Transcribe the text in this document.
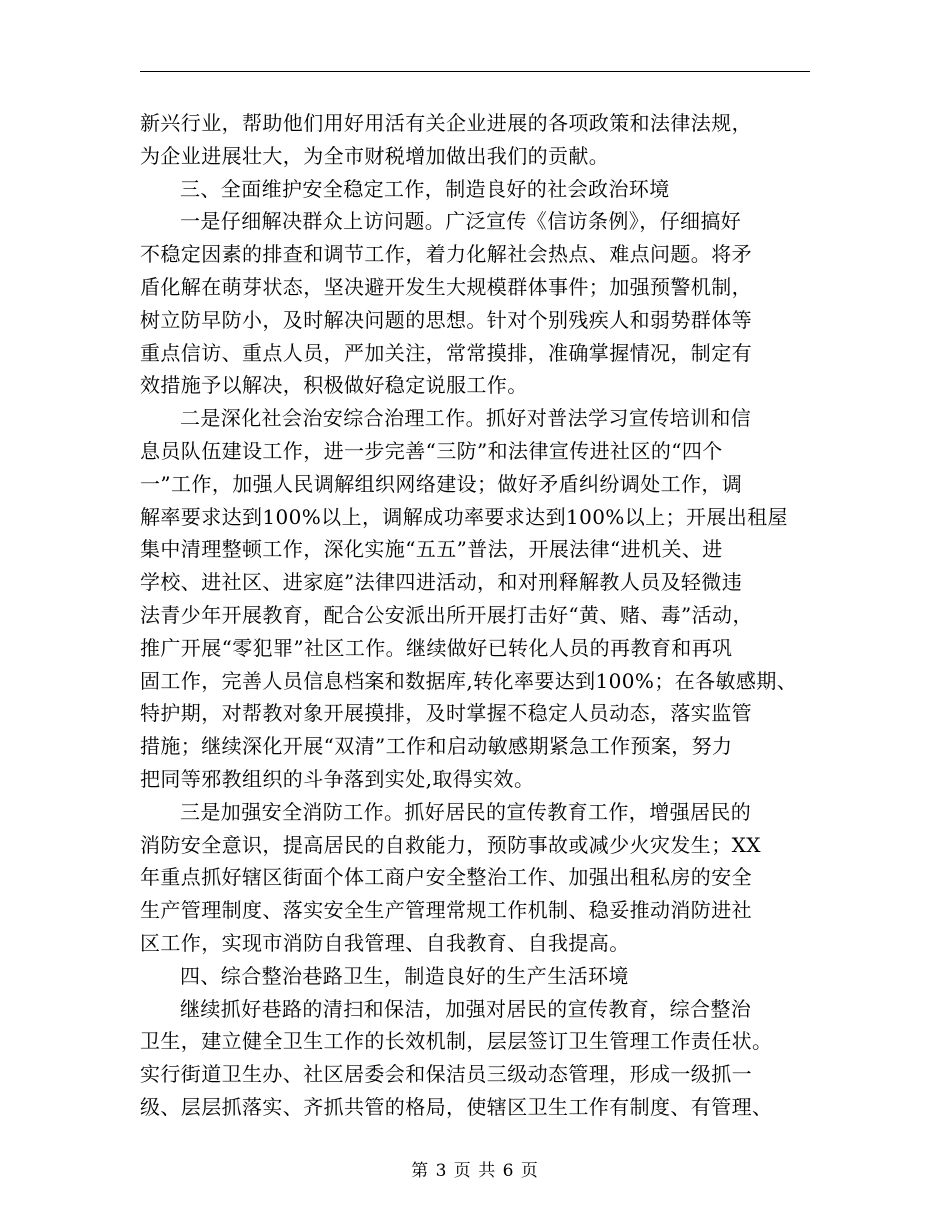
新兴行业，帮助他们用好用活有关企业进展的各项政策和法律法规，
为企业进展壮大，为全市财税增加做出我们的贡献。
三、全面维护安全稳定工作，制造良好的社会政治环境
一是仔细解决群众上访问题。广泛宣传《信访条例》，仔细搞好
不稳定因素的排查和调节工作，着力化解社会热点、难点问题。将矛
盾化解在萌芽状态，坚决避开发生大规模群体事件；加强预警机制，
树立防早防小，及时解决问题的思想。针对个别残疾人和弱势群体等
重点信访、重点人员，严加关注，常常摸排，准确掌握情况，制定有
效措施予以解决，积极做好稳定说服工作。
二是深化社会治安综合治理工作。抓好对普法学习宣传培训和信
息员队伍建设工作，进一步完善“三防”和法律宣传进社区的“四个
一”工作，加强人民调解组织网络建设；做好矛盾纠纷调处工作，调
解率要求达到100%以上，调解成功率要求达到100%以上；开展出租屋
集中清理整顿工作，深化实施“五五”普法，开展法律“进机关、进
学校、进社区、进家庭”法律四进活动，和对刑释解教人员及轻微违
法青少年开展教育，配合公安派出所开展打击好“黄、赌、毒”活动，
推广开展“零犯罪”社区工作。继续做好已转化人员的再教育和再巩
固工作，完善人员信息档案和数据库,转化率要达到100%；在各敏感期、
特护期，对帮教对象开展摸排，及时掌握不稳定人员动态，落实监管
措施；继续深化开展“双清”工作和启动敏感期紧急工作预案，努力
把同等邪教组织的斗争落到实处,取得实效。
三是加强安全消防工作。抓好居民的宣传教育工作，增强居民的
消防安全意识，提高居民的自救能力，预防事故或减少火灾发生；XX
年重点抓好辖区街面个体工商户安全整治工作、加强出租私房的安全
生产管理制度、落实安全生产管理常规工作机制、稳妥推动消防进社
区工作，实现市消防自我管理、自我教育、自我提高。
四、综合整治巷路卫生，制造良好的生产生活环境
继续抓好巷路的清扫和保洁，加强对居民的宣传教育，综合整治
卫生，建立健全卫生工作的长效机制，层层签订卫生管理工作责任状。
实行街道卫生办、社区居委会和保洁员三级动态管理，形成一级抓一
级、层层抓落实、齐抓共管的格局，使辖区卫生工作有制度、有管理、
第 3 页 共 6 页
